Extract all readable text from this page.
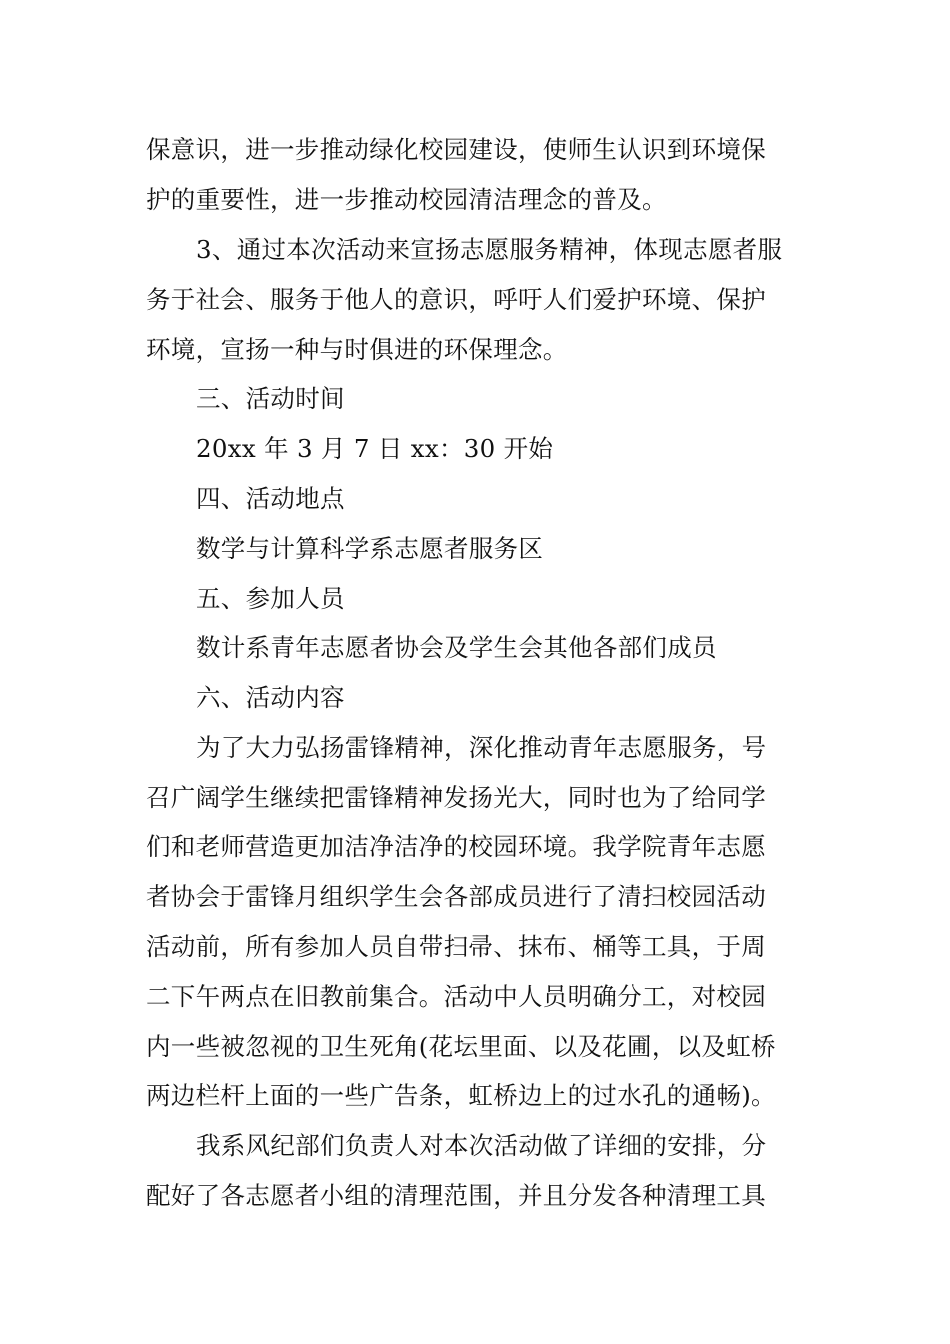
保意识，进一步推动绿化校园建设，使师生认识到环境保
护的重要性，进一步推动校园清洁理念的普及。
3、通过本次活动来宣扬志愿服务精神，体现志愿者服
务于社会、服务于他人的意识，呼吁人们爱护环境、保护
环境，宣扬一种与时俱进的环保理念。
三、活动时间
20xx 年 3 月 7 日 xx：30 开始
四、活动地点
数学与计算科学系志愿者服务区
五、参加人员
数计系青年志愿者协会及学生会其他各部们成员
六、活动内容
为了大力弘扬雷锋精神，深化推动青年志愿服务，号
召广阔学生继续把雷锋精神发扬光大，同时也为了给同学
们和老师营造更加洁净洁净的校园环境。我学院青年志愿
者协会于雷锋月组织学生会各部成员进行了清扫校园活动
活动前，所有参加人员自带扫帚、抹布、桶等工具，于周
二下午两点在旧教前集合。活动中人员明确分工，对校园
内一些被忽视的卫生死角(花坛里面、以及花圃，以及虹桥
两边栏杆上面的一些广告条，虹桥边上的过水孔的通畅)。
我系风纪部们负责人对本次活动做了详细的安排，分
配好了各志愿者小组的清理范围，并且分发各种清理工具
